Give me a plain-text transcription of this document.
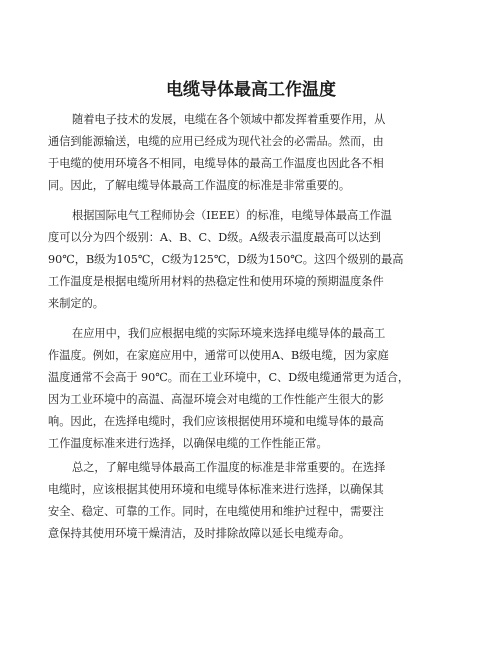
电缆导体最高工作温度
随着电子技术的发展，电缆在各个领域中都发挥着重要作用，从
通信到能源输送，电缆的应用已经成为现代社会的必需品。然而，由
于电缆的使用环境各不相同，电缆导体的最高工作温度也因此各不相
同。因此，了解电缆导体最高工作温度的标准是非常重要的。
根据国际电气工程师协会（IEEE）的标准，电缆导体最高工作温
度可以分为四个级别：A、B、C、D级。A级表示温度最高可以达到
90℃，B级为105℃，C级为125℃，D级为150℃。这四个级别的最高
工作温度是根据电缆所用材料的热稳定性和使用环境的预期温度条件
来制定的。
在应用中，我们应根据电缆的实际环境来选择电缆导体的最高工
作温度。例如，在家庭应用中，通常可以使用A、B级电缆，因为家庭
温度通常不会高于 90℃。而在工业环境中，C、D级电缆通常更为适合，
因为工业环境中的高温、高湿环境会对电缆的工作性能产生很大的影
响。因此，在选择电缆时，我们应该根据使用环境和电缆导体的最高
工作温度标准来进行选择，以确保电缆的工作性能正常。
总之，了解电缆导体最高工作温度的标准是非常重要的。在选择
电缆时，应该根据其使用环境和电缆导体标准来进行选择，以确保其
安全、稳定、可靠的工作。同时，在电缆使用和维护过程中，需要注
意保持其使用环境干燥清洁，及时排除故障以延长电缆寿命。
